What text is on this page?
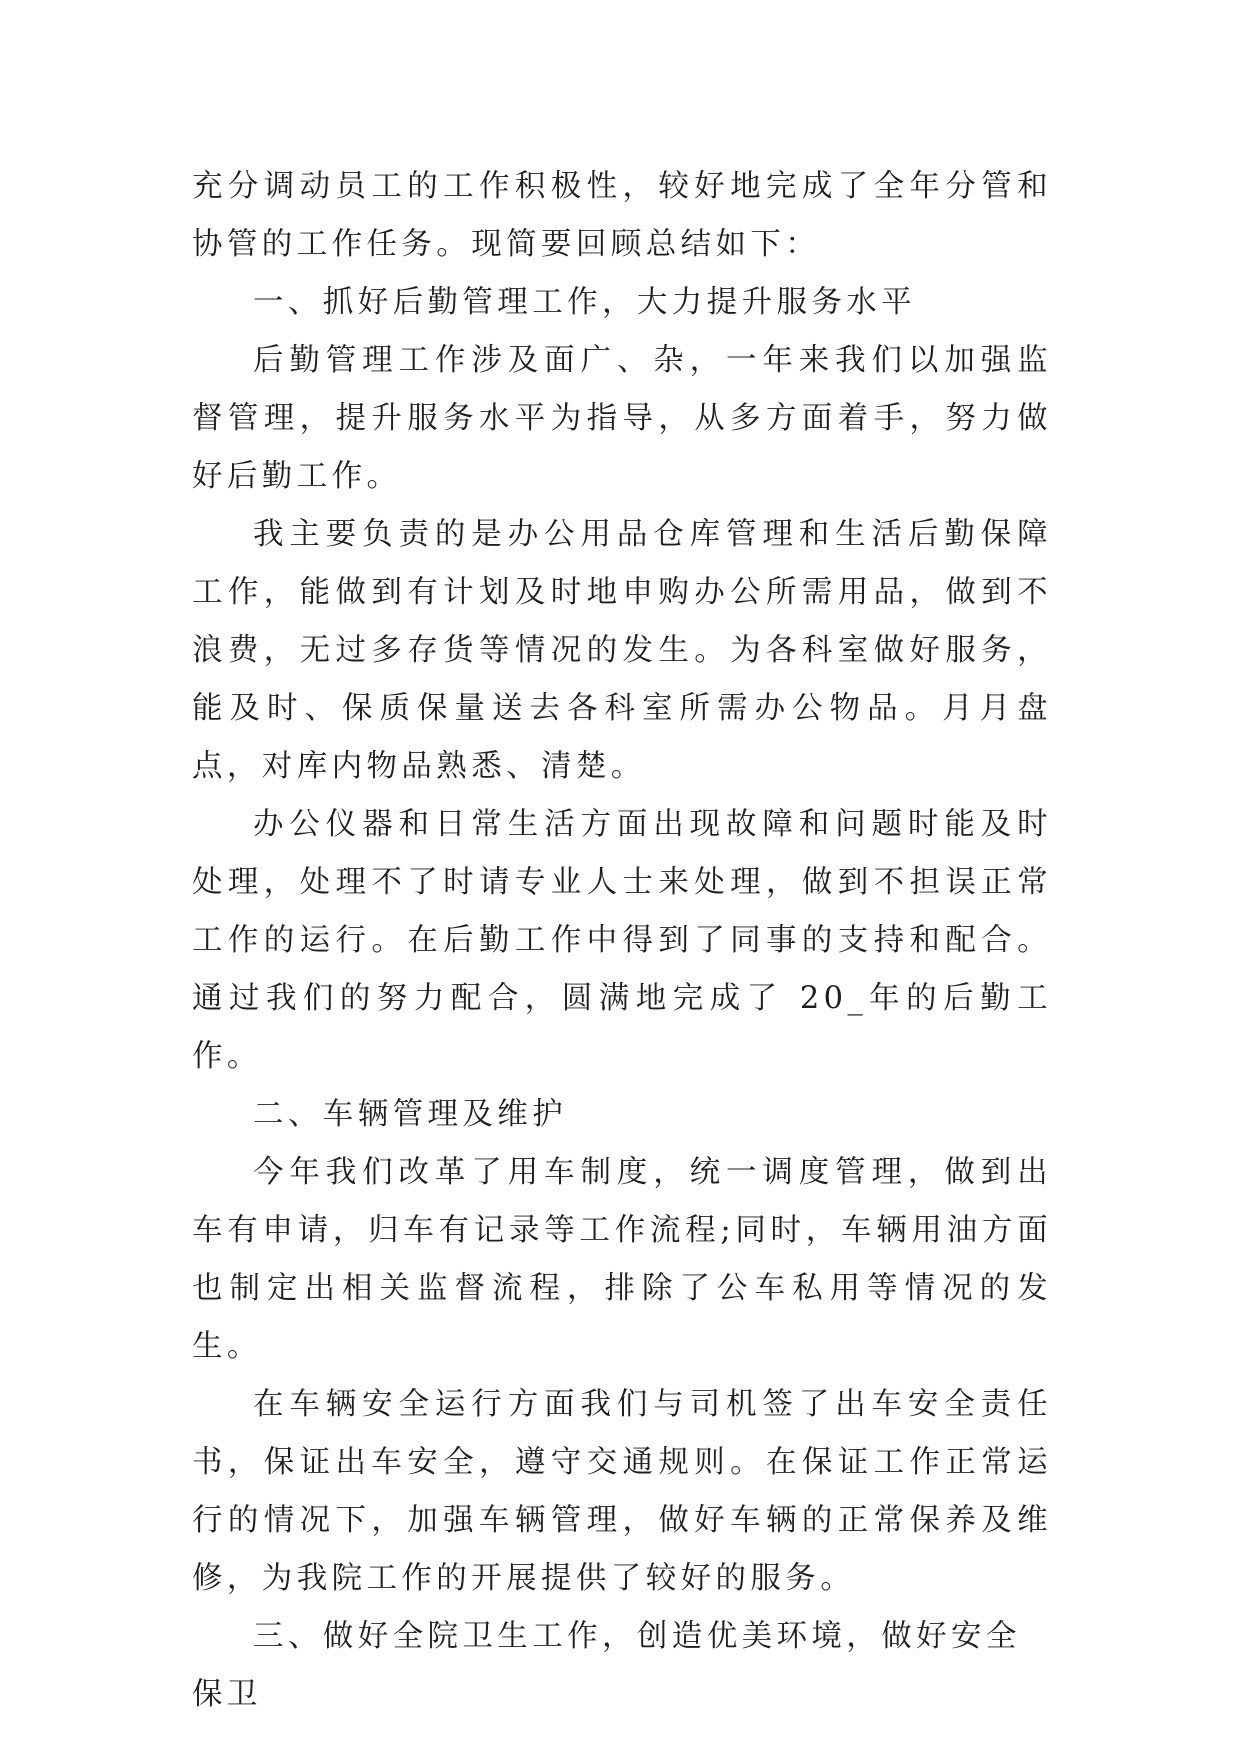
充分调动员工的工作积极性，较好地完成了全年分管和协管的工作任务。现简要回顾总结如下：

一、抓好后勤管理工作，大力提升服务水平

后勤管理工作涉及面广、杂，一年来我们以加强监督管理，提升服务水平为指导，从多方面着手，努力做好后勤工作。

我主要负责的是办公用品仓库管理和生活后勤保障工作，能做到有计划及时地申购办公所需用品，做到不浪费，无过多存货等情况的发生。为各科室做好服务，能及时、保质保量送去各科室所需办公物品。月月盘点，对库内物品熟悉、清楚。

办公仪器和日常生活方面出现故障和问题时能及时处理，处理不了时请专业人士来处理，做到不担误正常工作的运行。在后勤工作中得到了同事的支持和配合。通过我们的努力配合，圆满地完成了 20_年的后勤工作。

二、车辆管理及维护

今年我们改革了用车制度，统一调度管理，做到出车有申请，归车有记录等工作流程;同时，车辆用油方面也制定出相关监督流程，排除了公车私用等情况的发生。

在车辆安全运行方面我们与司机签了出车安全责任书，保证出车安全，遵守交通规则。在保证工作正常运行的情况下，加强车辆管理，做好车辆的正常保养及维修，为我院工作的开展提供了较好的服务。

三、做好全院卫生工作，创造优美环境，做好安全保卫
